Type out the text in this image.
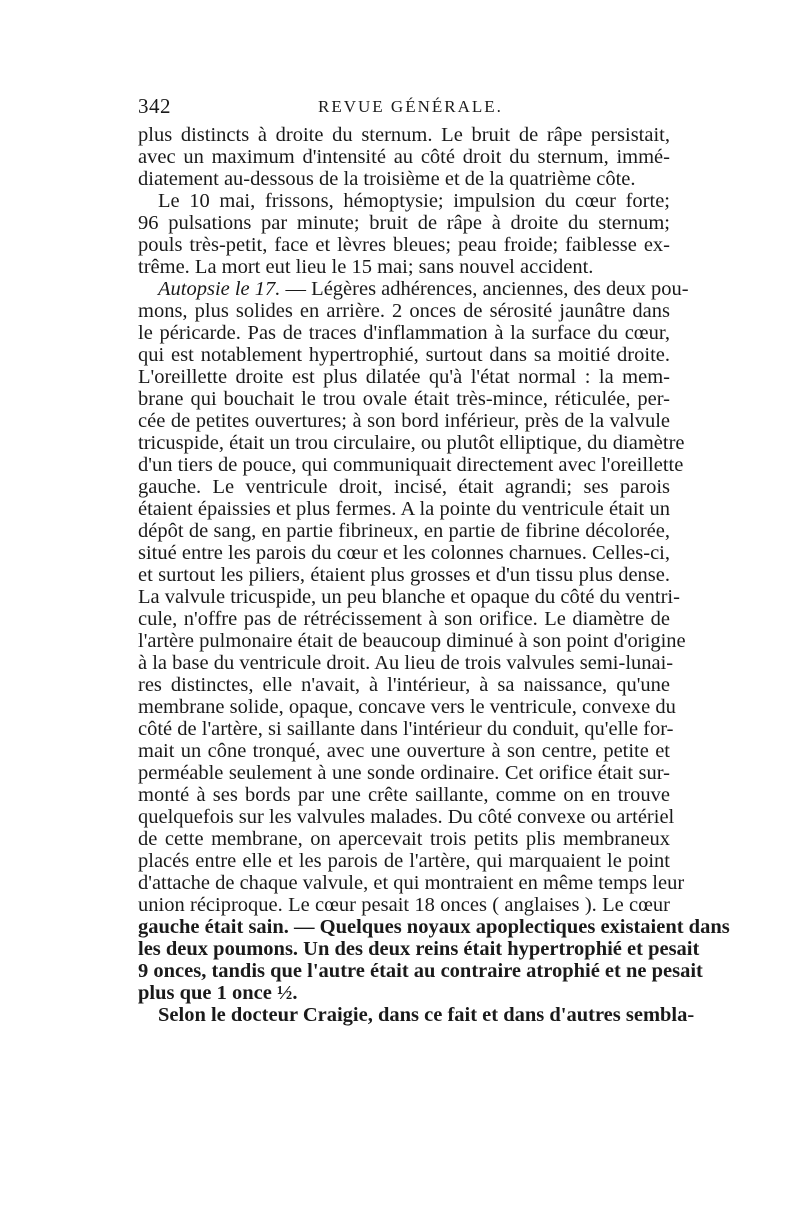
342	REVUE GÉNÉRALE.
plus distincts à droite du sternum. Le bruit de râpe persistait,
avec un maximum d'intensité au côté droit du sternum, immé-
diatement au-dessous de la troisième et de la quatrième côte.
Le 10 mai, frissons, hémoptysie; impulsion du cœur forte;
96 pulsations par minute; bruit de râpe à droite du sternum;
pouls très-petit, face et lèvres bleues; peau froide; faiblesse ex-
trême. La mort eut lieu le 15 mai; sans nouvel accident.
Autopsie le 17. — Légères adhérences, anciennes, des deux pou-
mons, plus solides en arrière. 2 onces de sérosité jaunâtre dans
le péricarde. Pas de traces d'inflammation à la surface du cœur,
qui est notablement hypertrophié, surtout dans sa moitié droite.
L'oreillette droite est plus dilatée qu'à l'état normal : la mem-
brane qui bouchait le trou ovale était très-mince, réticulée, per-
cée de petites ouvertures; à son bord inférieur, près de la valvule
tricuspide, était un trou circulaire, ou plutôt elliptique, du diamètre
d'un tiers de pouce, qui communiquait directement avec l'oreillette
gauche. Le ventricule droit, incisé, était agrandi; ses parois
étaient épaissies et plus fermes. A la pointe du ventricule était un
dépôt de sang, en partie fibrineux, en partie de fibrine décolorée,
situé entre les parois du cœur et les colonnes charnues. Celles-ci,
et surtout les piliers, étaient plus grosses et d'un tissu plus dense.
La valvule tricuspide, un peu blanche et opaque du côté du ventri-
cule, n'offre pas de rétrécissement à son orifice. Le diamètre de
l'artère pulmonaire était de beaucoup diminué à son point d'origine
à la base du ventricule droit. Au lieu de trois valvules semi-lunai-
res distinctes, elle n'avait, à l'intérieur, à sa naissance, qu'une
membrane solide, opaque, concave vers le ventricule, convexe du
côté de l'artère, si saillante dans l'intérieur du conduit, qu'elle for-
mait un cône tronqué, avec une ouverture à son centre, petite et
perméable seulement à une sonde ordinaire. Cet orifice était sur-
monté à ses bords par une crête saillante, comme on en trouve
quelquefois sur les valvules malades. Du côté convexe ou artériel
de cette membrane, on apercevait trois petits plis membraneux
placés entre elle et les parois de l'artère, qui marquaient le point
d'attache de chaque valvule, et qui montraient en même temps leur
union réciproque. Le cœur pesait 18 onces ( anglaises ). Le cœur
gauche était sain. — Quelques noyaux apoplectiques existaient dans
les deux poumons. Un des deux reins était hypertrophié et pesait
9 onces, tandis que l'autre était au contraire atrophié et ne pesait
plus que 1 once ½.
Selon le docteur Craigie, dans ce fait et dans d'autres sembla-
